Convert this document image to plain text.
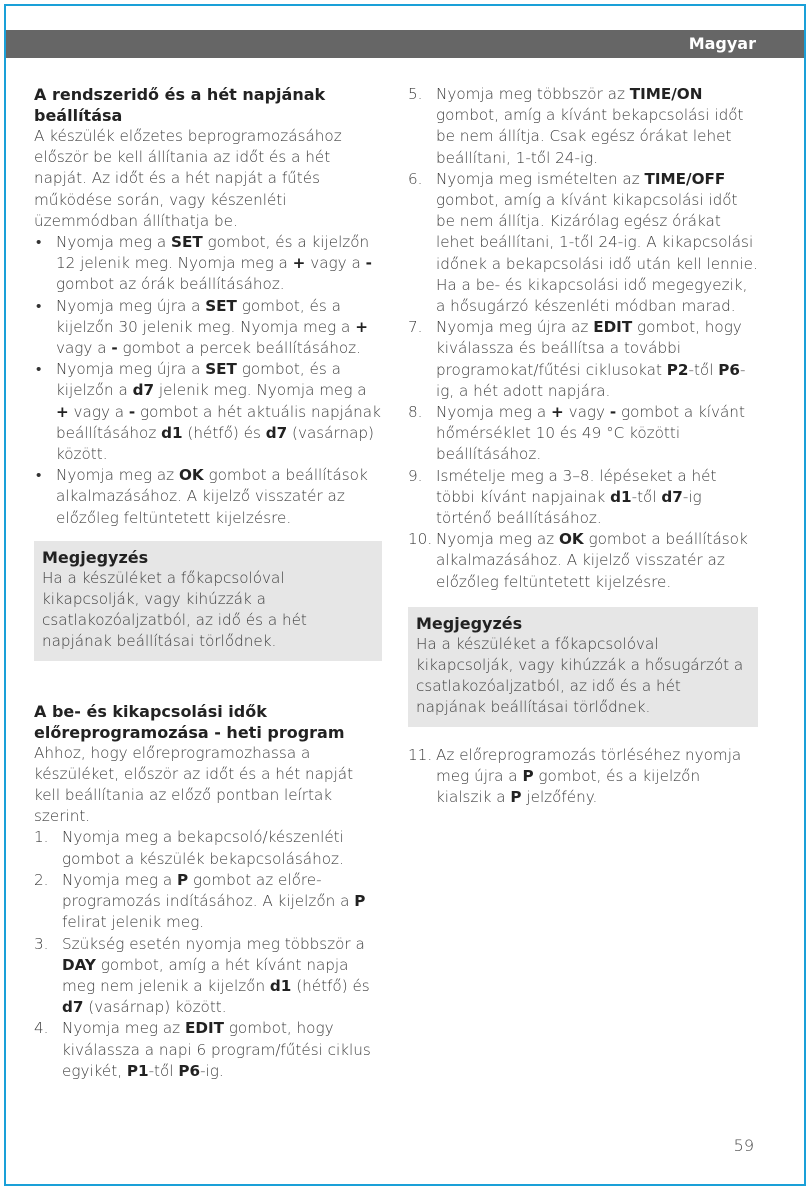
Magyar
A rendszeridő és a hét napjának beállítása

A készülék előzetes beprogramozásához először be kell állítania az időt és a hét napját. Az időt és a hét napját a fűtés működése során, vagy készenléti üzemmódban állíthatja be.

• Nyomja meg a SET gombot, és a kijelzőn 12 jelenik meg. Nyomja meg a + vagy a - gombot az órák beállításához.
• Nyomja meg újra a SET gombot, és a kijelzőn 30 jelenik meg. Nyomja meg a + vagy a - gombot a percek beállításához.
• Nyomja meg újra a SET gombot, és a kijelzőn a d7 jelenik meg. Nyomja meg a + vagy a - gombot a hét aktuális napjának beállításához d1 (hétfő) és d7 (vasárnap) között.
• Nyomja meg az OK gombot a beállítások alkalmazásához. A kijelző visszatér az előzőleg feltüntetett kijelzésre.
Megjegyzés

Ha a készüléket a főkapcsolóval kikapcsolják, vagy kihúzzák a csatlakozóaljzatból, az idő és a hét napjának beállításai törlődnek.

A be- és kikapcsolási idők előreprogramozása - heti program

Ahhoz, hogy előreprogramozhassa a készüléket, először az időt és a hét napját kell beállítania az előző pontban leírtak szerint.

1. Nyomja meg a bekapcsoló/készenléti gombot a készülék bekapcsolásához.
2. Nyomja meg a P gombot az előre-programozás indításához. A kijelzőn a P felirat jelenik meg.
3. Szükség esetén nyomja meg többször a DAY gombot, amíg a hét kívánt napja meg nem jelenik a kijelzőn d1 (hétfő) és d7 (vasárnap) között.
4. Nyomja meg az EDIT gombot, hogy kiválassza a napi 6 program/fűtési ciklus egyikét, P1-től P6-ig.
5. Nyomja meg többször az TIME/ON gombot, amíg a kívánt bekapcsolási időt be nem állítja. Csak egész órákat lehet beállítani, 1-től 24-ig.
6. Nyomja meg ismételten az TIME/OFF gombot, amíg a kívánt kikapcsolási időt be nem állítja. Kizárólag egész órákat lehet beállítani, 1-től 24-ig. A kikapcsolási időnek a bekapcsolási idő után kell lennie. Ha a be- és kikapcsolási idő megegyezik, a hősugárzó készenléti módban marad.
7. Nyomja meg újra az EDIT gombot, hogy kiválassza és beállítsa a további programokat/fűtési ciklusokat P2-től P6-ig, a hét adott napjára.
8. Nyomja meg a + vagy - gombot a kívánt hőmérséklet 10 és 49 °C közötti beállításához.
9. Ismételje meg a 3–8. lépéseket a hét többi kívánt napjainak d1-től d7-ig történő beállításához.
10. Nyomja meg az OK gombot a beállítások alkalmazásához. A kijelző visszatér az előzőleg feltüntetett kijelzésre.
Megjegyzés

Ha a készüléket a főkapcsolóval kikapcsolják, vagy kihúzzák a hősugárzót a csatlakozóaljzatból, az idő és a hét napjának beállításai törlődnek.

11. Az előreprogramozás törléséhez nyomja meg újra a P gombot, és a kijelzőn kialszik a P jelzőfény.
59
